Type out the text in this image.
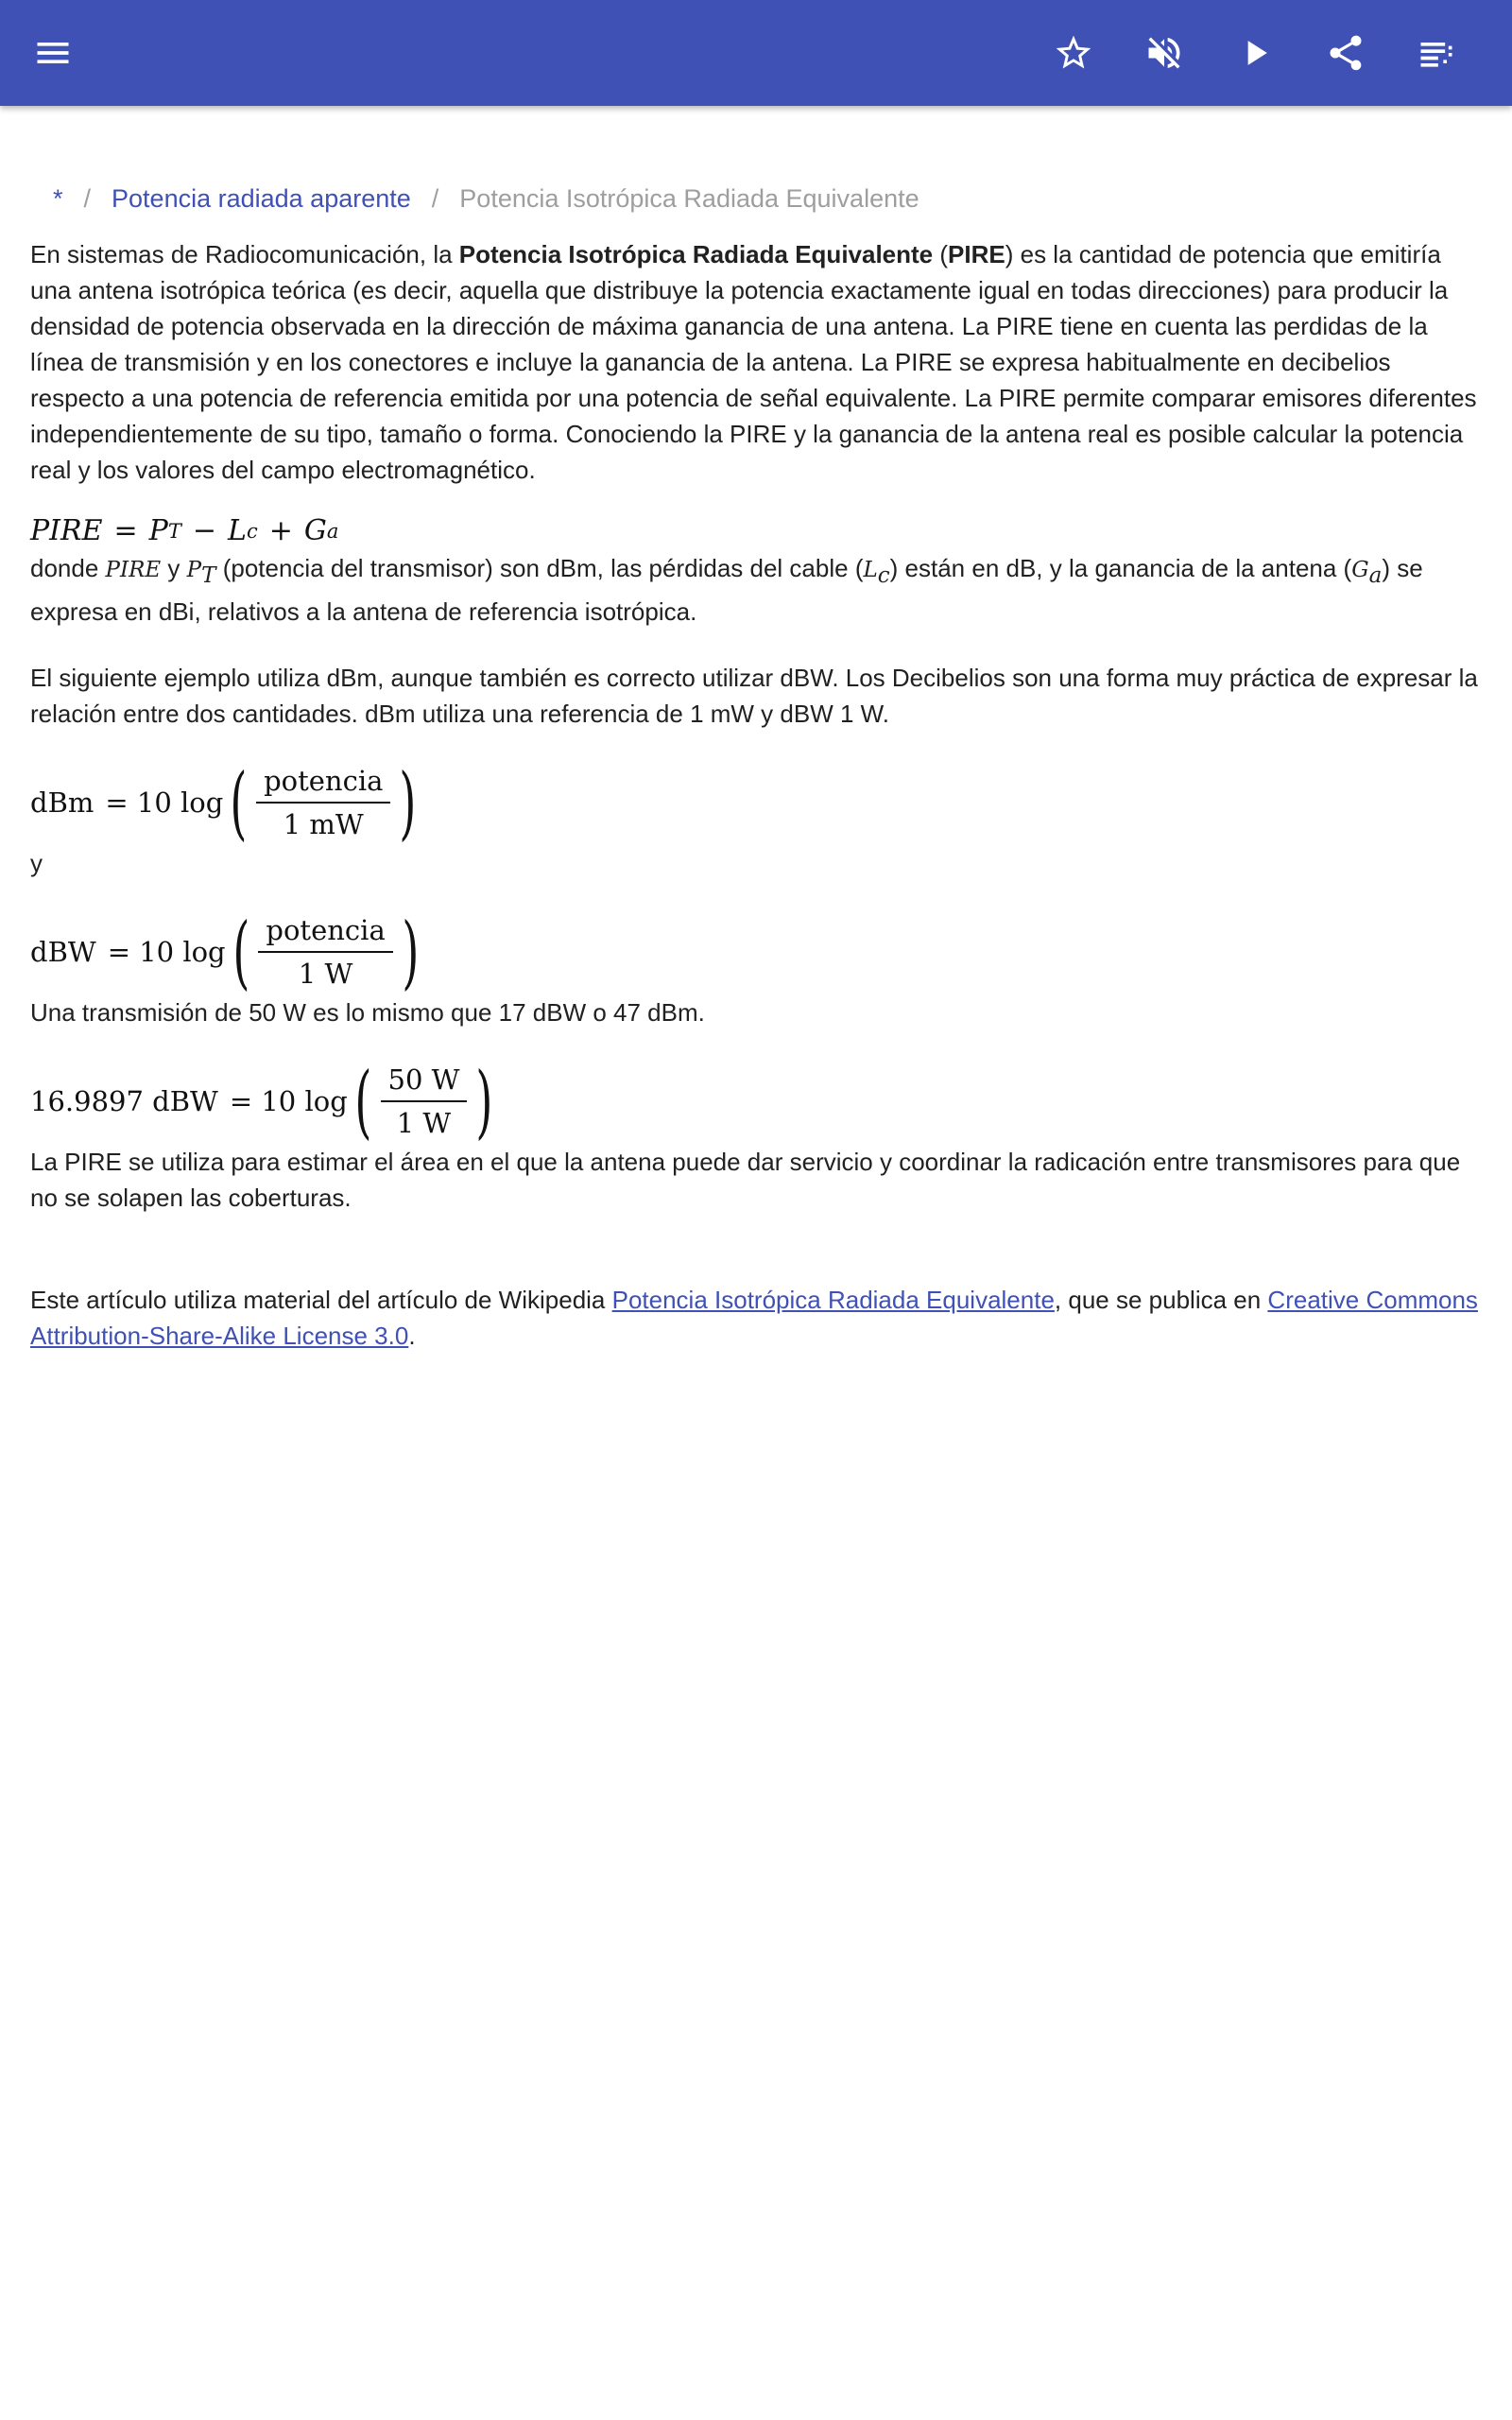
* / Potencia radiada aparente / Potencia Isotrópica Radiada Equivalente

En sistemas de Radiocomunicación, la Potencia Isotrópica Radiada Equivalente (PIRE) es la cantidad de potencia que emitiría una antena isotrópica teórica (es decir, aquella que distribuye la potencia exactamente igual en todas direcciones) para producir la densidad de potencia observada en la dirección de máxima ganancia de una antena. La PIRE tiene en cuenta las perdidas de la línea de transmisión y en los conectores e incluye la ganancia de la antena. La PIRE se expresa habitualmente en decibelios respecto a una potencia de referencia emitida por una potencia de señal equivalente. La PIRE permite comparar emisores diferentes independientemente de su tipo, tamaño o forma. Conociendo la PIRE y la ganancia de la antena real es posible calcular la potencia real y los valores del campo electromagnético.

PIRE = P T − L c + G a

donde PIRE y $P_T$ (potencia del transmisor) son dBm, las pérdidas del cable $(L_c)$ están en dB, y la ganancia de la antena $(G_a)$ se expresa en dBi, relativos a la antena de referencia isotrópica.

El siguiente ejemplo utiliza dBm, aunque también es correcto utilizar dBW. Los Decibelios son una forma muy práctica de expresar la relación entre dos cantidades. dBm utiliza una referencia de 1 mW y dBW 1 W.

dBm = 10 log ( $\frac{\text{potencia}}{1 mW}$ )

y

dBW = 10 log ( $\frac{\text{potencia}}{1 W}$ )

Una transmisión de 50 W es lo mismo que 17 dBW o 47 dBm.

16.9897 dBW = 10 log ( $\frac{50 W}{1 W}$ )

La PIRE se utiliza para estimar el área en el que la antena puede dar servicio y coordinar la radicación entre transmisores para que no se solapen las coberturas.

Este artículo utiliza material del artículo de Wikipedia Potencia Isotrópica Radiada Equivalente, que se publica en Creative Commons Attribution-Share-Alike License 3.0.
